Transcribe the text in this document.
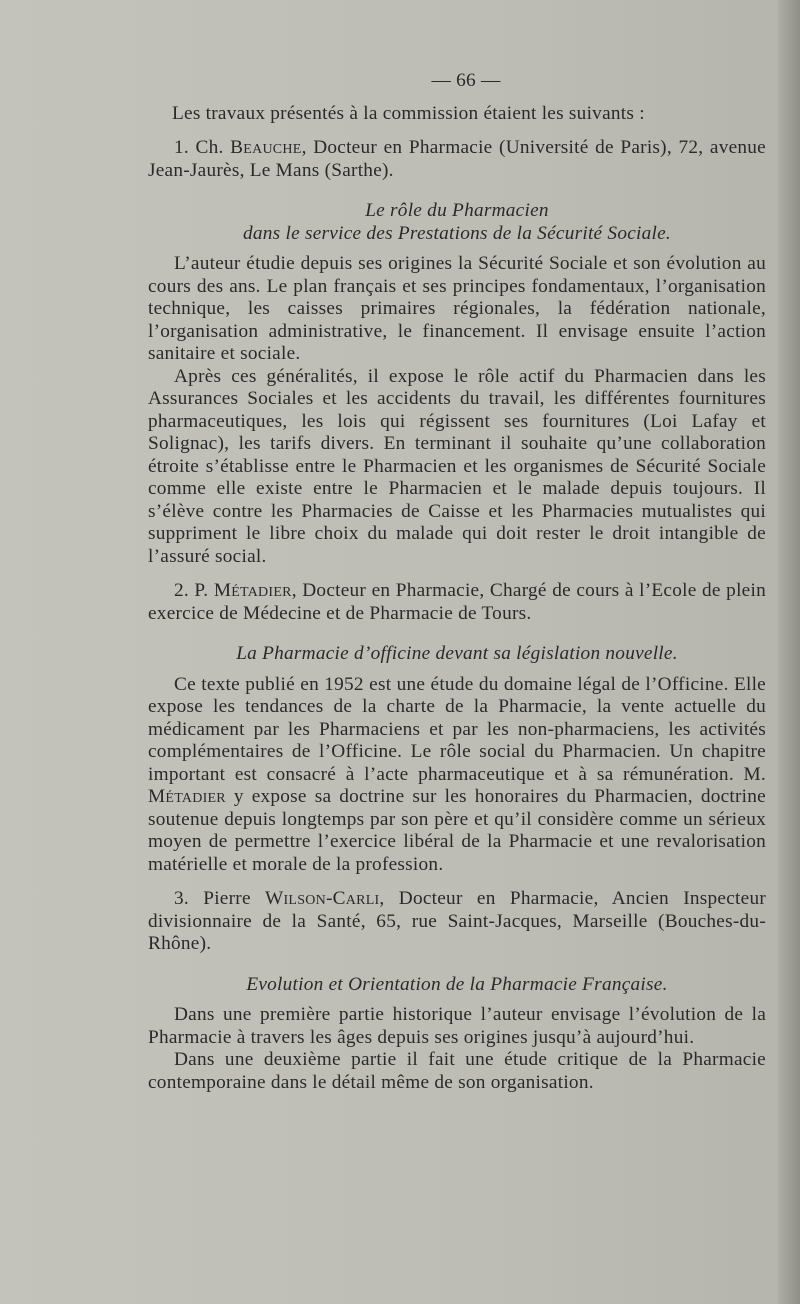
— 66 —

Les travaux présentés à la commission étaient les suivants :

1. Ch. Beauche, Docteur en Pharmacie (Université de Paris), 72, avenue Jean-Jaurès, Le Mans (Sarthe).

Le rôle du Pharmacien
dans le service des Prestations de la Sécurité Sociale.

L’auteur étudie depuis ses origines la Sécurité Sociale et son évolution au cours des ans. Le plan français et ses principes fondamentaux, l’organisation technique, les caisses primaires régionales, la fédération nationale, l’organisation administrative, le financement. Il envisage ensuite l’action sanitaire et sociale.

Après ces généralités, il expose le rôle actif du Pharmacien dans les Assurances Sociales et les accidents du travail, les différentes fournitures pharmaceutiques, les lois qui régissent ses fournitures (Loi Lafay et Solignac), les tarifs divers. En terminant il souhaite qu’une collaboration étroite s’établisse entre le Pharmacien et les organismes de Sécurité Sociale comme elle existe entre le Pharmacien et le malade depuis toujours. Il s’élève contre les Pharmacies de Caisse et les Pharmacies mutualistes qui suppriment le libre choix du malade qui doit rester le droit intangible de l’assuré social.

2. P. Métadier, Docteur en Pharmacie, Chargé de cours à l’Ecole de plein exercice de Médecine et de Pharmacie de Tours.

La Pharmacie d’officine devant sa législation nouvelle.

Ce texte publié en 1952 est une étude du domaine légal de l’Officine. Elle expose les tendances de la charte de la Pharmacie, la vente actuelle du médicament par les Pharmaciens et par les non-pharmaciens, les activités complémentaires de l’Officine. Le rôle social du Pharmacien. Un chapitre important est consacré à l’acte pharmaceutique et à sa rémunération. M. Métadier y expose sa doctrine sur les honoraires du Pharmacien, doctrine soutenue depuis longtemps par son père et qu’il considère comme un sérieux moyen de permettre l’exercice libéral de la Pharmacie et une revalorisation matérielle et morale de la profession.

3. Pierre Wilson-Carli, Docteur en Pharmacie, Ancien Inspecteur divisionnaire de la Santé, 65, rue Saint-Jacques, Marseille (Bouches-du-Rhône).

Evolution et Orientation de la Pharmacie Française.

Dans une première partie historique l’auteur envisage l’évolution de la Pharmacie à travers les âges depuis ses origines jusqu’à aujourd’hui.

Dans une deuxième partie il fait une étude critique de la Pharmacie contemporaine dans le détail même de son organisation.
